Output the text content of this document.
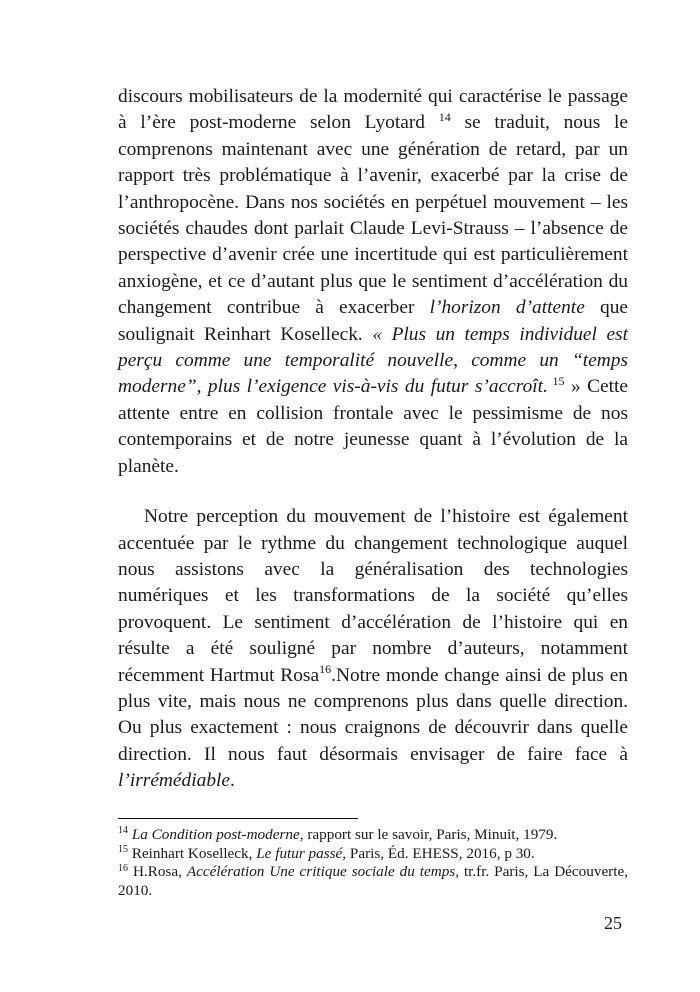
discours mobilisateurs de la modernité qui caractérise le passage à l’ère post-moderne selon Lyotard $^{14}$ se traduit, nous le comprenons maintenant avec une génération de retard, par un rapport très problématique à l’avenir, exacerbé par la crise de l’anthropocène. Dans nos sociétés en perpétuel mouvement – les sociétés chaudes dont parlait Claude Levi-Strauss – l’absence de perspective d’avenir crée une incertitude qui est particulièrement anxiogène, et ce d’autant plus que le sentiment d’accélération du changement contribue à exacerber l’horizon d’attente que soulignait Reinhart Koselleck. « Plus un temps individuel est perçu comme une temporalité nouvelle, comme un “temps moderne”, plus l’exigence vis-à-vis du futur s’accroît. $^{15}$ » Cette attente entre en collision frontale avec le pessimisme de nos contemporains et de notre jeunesse quant à l’évolution de la planète.

Notre perception du mouvement de l’histoire est également accentuée par le rythme du changement technologique auquel nous assistons avec la généralisation des technologies numériques et les transformations de la société qu’elles provoquent. Le sentiment d’accélération de l’histoire qui en résulte a été souligné par nombre d’auteurs, notamment récemment Hartmut Rosa$^{16}$.Notre monde change ainsi de plus en plus vite, mais nous ne comprenons plus dans quelle direction. Ou plus exactement : nous craignons de découvrir dans quelle direction. Il nous faut désormais envisager de faire face à l’irrémédiable.

$^{14}$ La Condition post-moderne, rapport sur le savoir, Paris, Minuit, 1979.

$^{15}$ Reinhart Koselleck, Le futur passé, Paris, Éd. EHESS, 2016, p 30.

$^{16}$ H.Rosa, Accélération Une critique sociale du temps, tr.fr. Paris, La Découverte, 2010.

25
